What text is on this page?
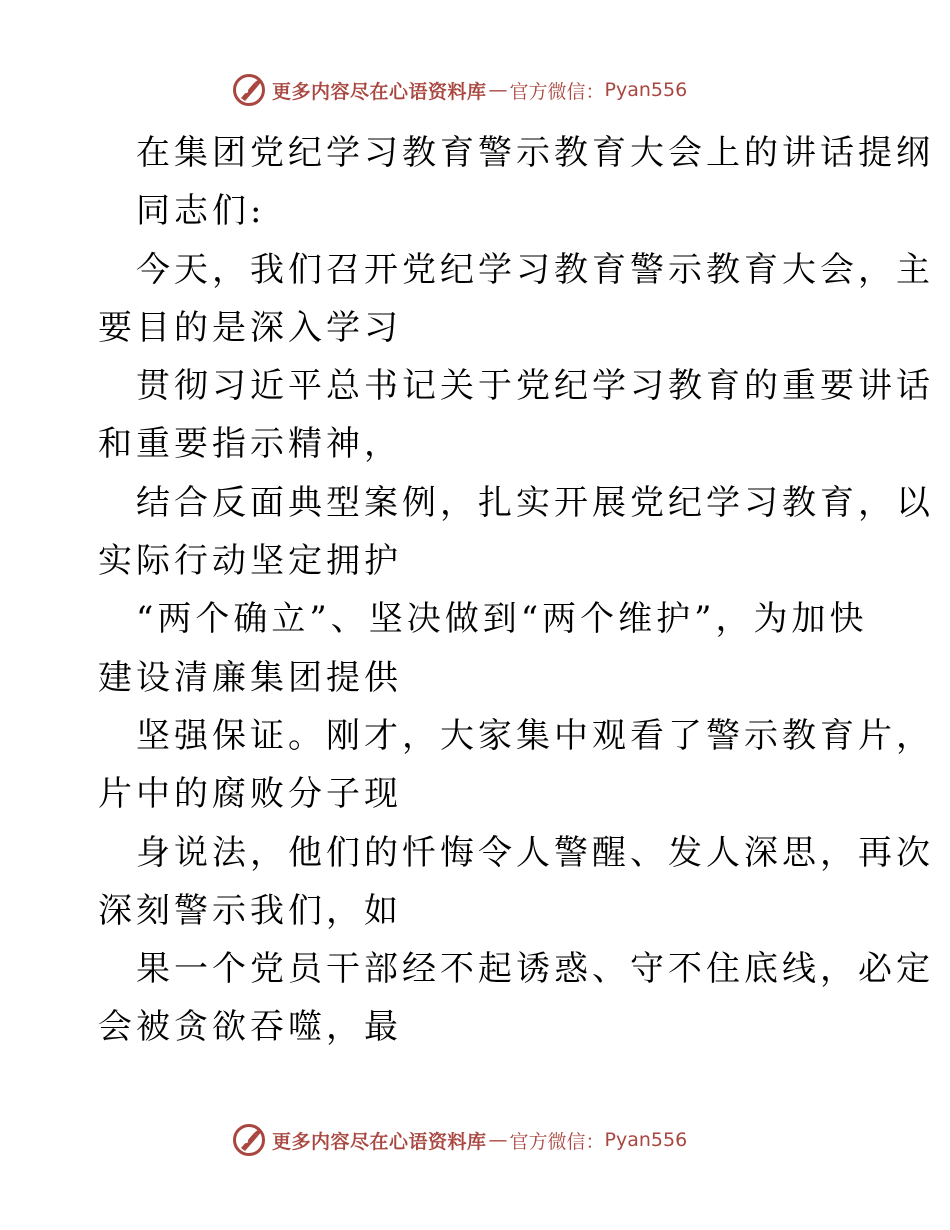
更多内容尽在心语资料库 — 官方微信： Pyan556
在集团党纪学习教育警示教育大会上的讲话提纲
同志们:
今天，我们召开党纪学习教育警示教育大会，主
要目的是深入学习
贯彻习近平总书记关于党纪学习教育的重要讲话
和重要指示精神，
结合反面典型案例，扎实开展党纪学习教育，以
实际行动坚定拥护
“两个确立”、坚决做到“两个维护”，为加快
建设清廉集团提供
坚强保证。刚才，大家集中观看了警示教育片，
片中的腐败分子现
身说法，他们的忏悔令人警醒、发人深思，再次
深刻警示我们，如
果一个党员干部经不起诱惑、守不住底线，必定
会被贪欲吞噬，最
更多内容尽在心语资料库 — 官方微信： Pyan556
